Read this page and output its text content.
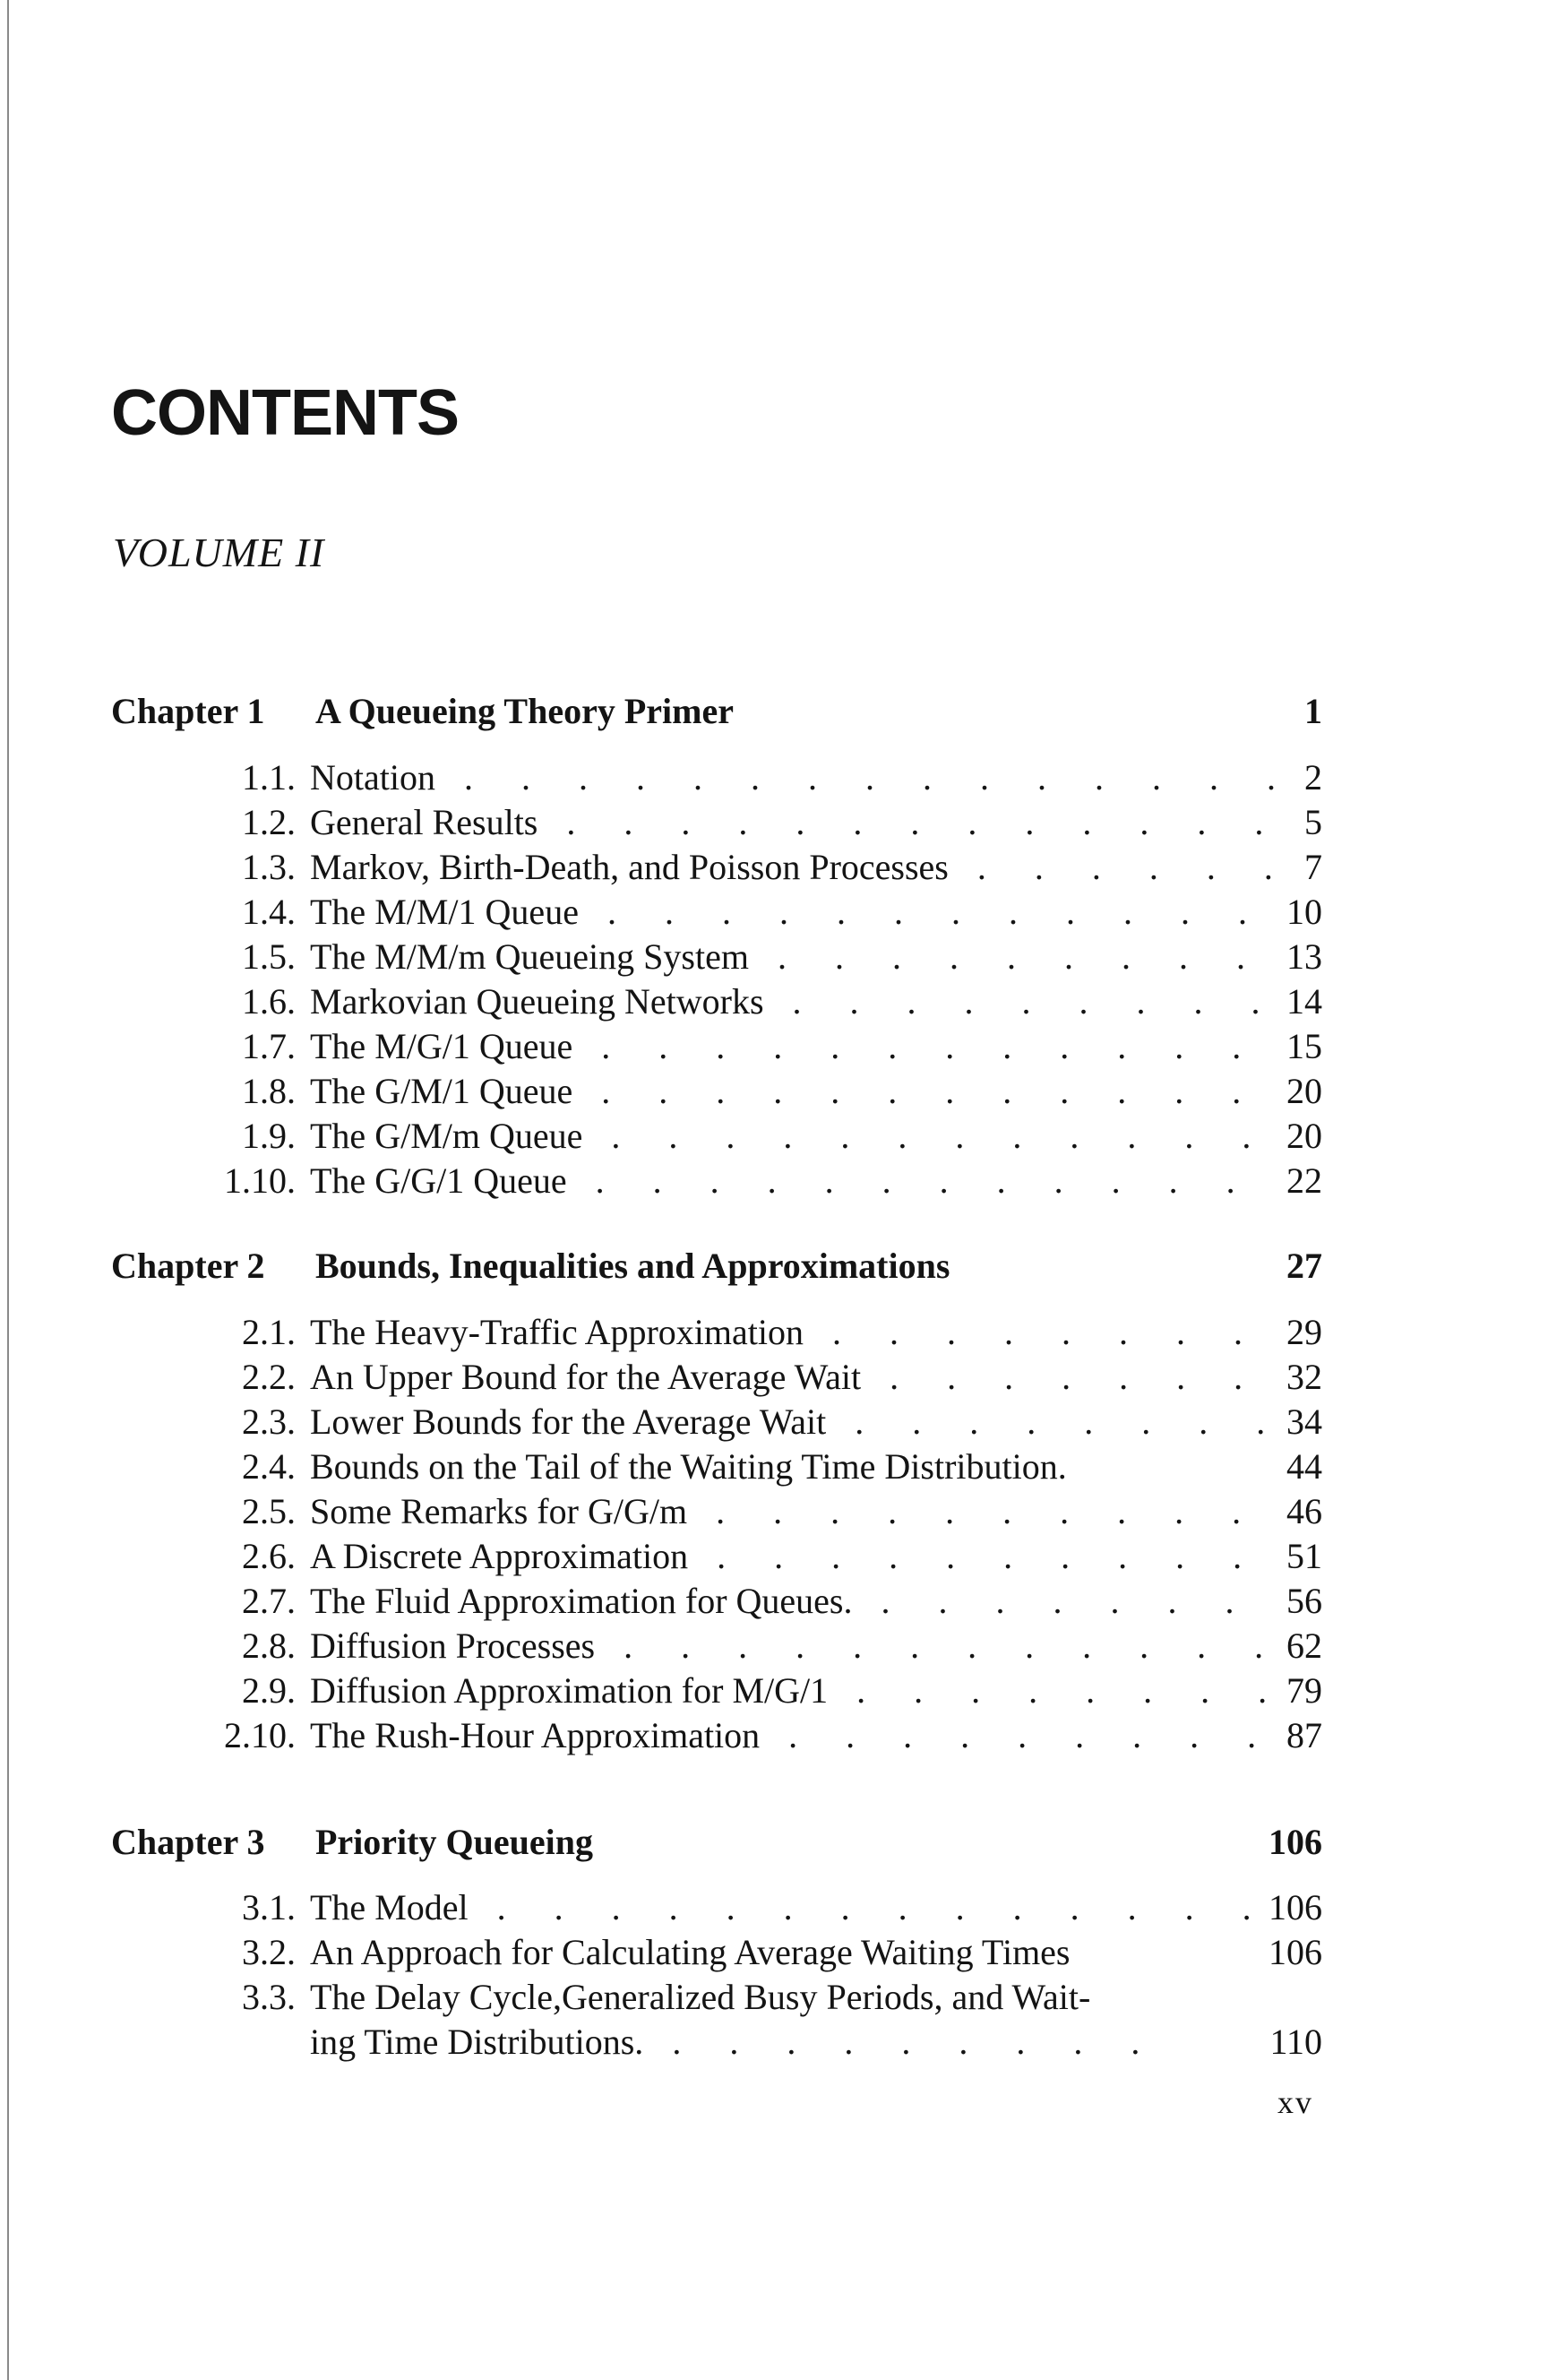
CONTENTS
VOLUME II
Chapter 1 A Queueing Theory Primer	1
1.1. Notation . . .	2
1.2. General Results . . .	5
1.3. Markov, Birth-Death, and Poisson Processes . . .	7
1.4. The M/M/1 Queue . . .	10
1.5. The M/M/m Queueing System . . .	13
1.6. Markovian Queueing Networks . . .	14
1.7. The M/G/1 Queue . . .	15
1.8. The G/M/1 Queue . . .	20
1.9. The G/M/m Queue . . .	20
1.10. The G/G/1 Queue . . .	22
Chapter 2 Bounds, Inequalities and Approximations	27
2.1. The Heavy-Traffic Approximation . . .	29
2.2. An Upper Bound for the Average Wait . . .	32
2.3. Lower Bounds for the Average Wait . . .	34
2.4. Bounds on the Tail of the Waiting Time Distribution.	44
2.5. Some Remarks for G/G/m . . .	46
2.6. A Discrete Approximation . . .	51
2.7. The Fluid Approximation for Queues. . . .	56
2.8. Diffusion Processes . . .	62
2.9. Diffusion Approximation for M/G/1 . . .	79
2.10. The Rush-Hour Approximation . . .	87
Chapter 3 Priority Queueing	106
3.1. The Model . . .	106
3.2. An Approach for Calculating Average Waiting Times	106
3.3. The Delay Cycle,Generalized Busy Periods, and Wait-
ing Time Distributions. . . .	110
xv
